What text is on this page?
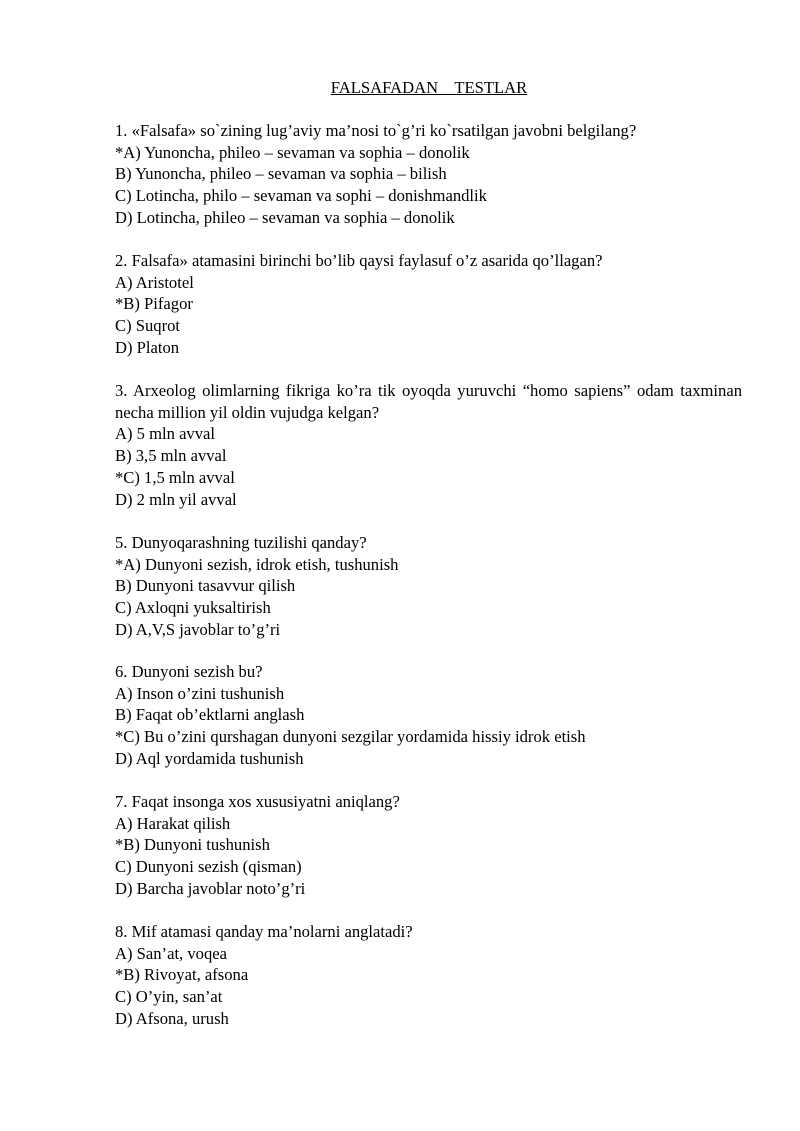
FALSAFADAN    TESTLAR
1. «Falsafa» so`zining lug’aviy ma’nosi to`g’ri ko`rsatilgan javobni belgilang?
*A) Yunoncha, phileo – sevaman va sophia – donolik
B) Yunoncha, phileo – sevaman va sophia – bilish
C) Lotincha, philo – sevaman va sophi – donishmandlik
D) Lotincha, phileo – sevaman va sophia – donolik
2. Falsafa» atamasini birinchi bo’lib qaysi faylasuf o’z asarida qo’llagan?
A) Aristotel
*B) Pifagor
C) Suqrot
D) Platon
3. Arxeolog olimlarning fikriga ko’ra tik oyoqda yuruvchi “homo sapiens” odam taxminan necha million yil oldin vujudga kelgan?
A) 5 mln avval
B) 3,5 mln avval
*C) 1,5 mln avval
D) 2 mln yil avval
5. Dunyoqarashning tuzilishi qanday?
*A) Dunyoni sezish, idrok etish, tushunish
B) Dunyoni tasavvur qilish
C) Axloqni yuksaltirish
D) A,V,S javoblar to’g’ri
6. Dunyoni sezish bu?
A) Inson o’zini tushunish
B) Faqat ob’ektlarni anglash
*C) Bu o’zini qurshagan dunyoni sezgilar yordamida hissiy idrok etish
D) Aql yordamida tushunish
7. Faqat insonga xos xususiyatni aniqlang?
A) Harakat qilish
*B) Dunyoni tushunish
C) Dunyoni sezish (qisman)
D) Barcha javoblar noto’g’ri
8. Mif atamasi qanday ma’nolarni anglatadi?
A) San’at, voqea
*B) Rivoyat, afsona
C) O’yin, san’at
D) Afsona, urush
